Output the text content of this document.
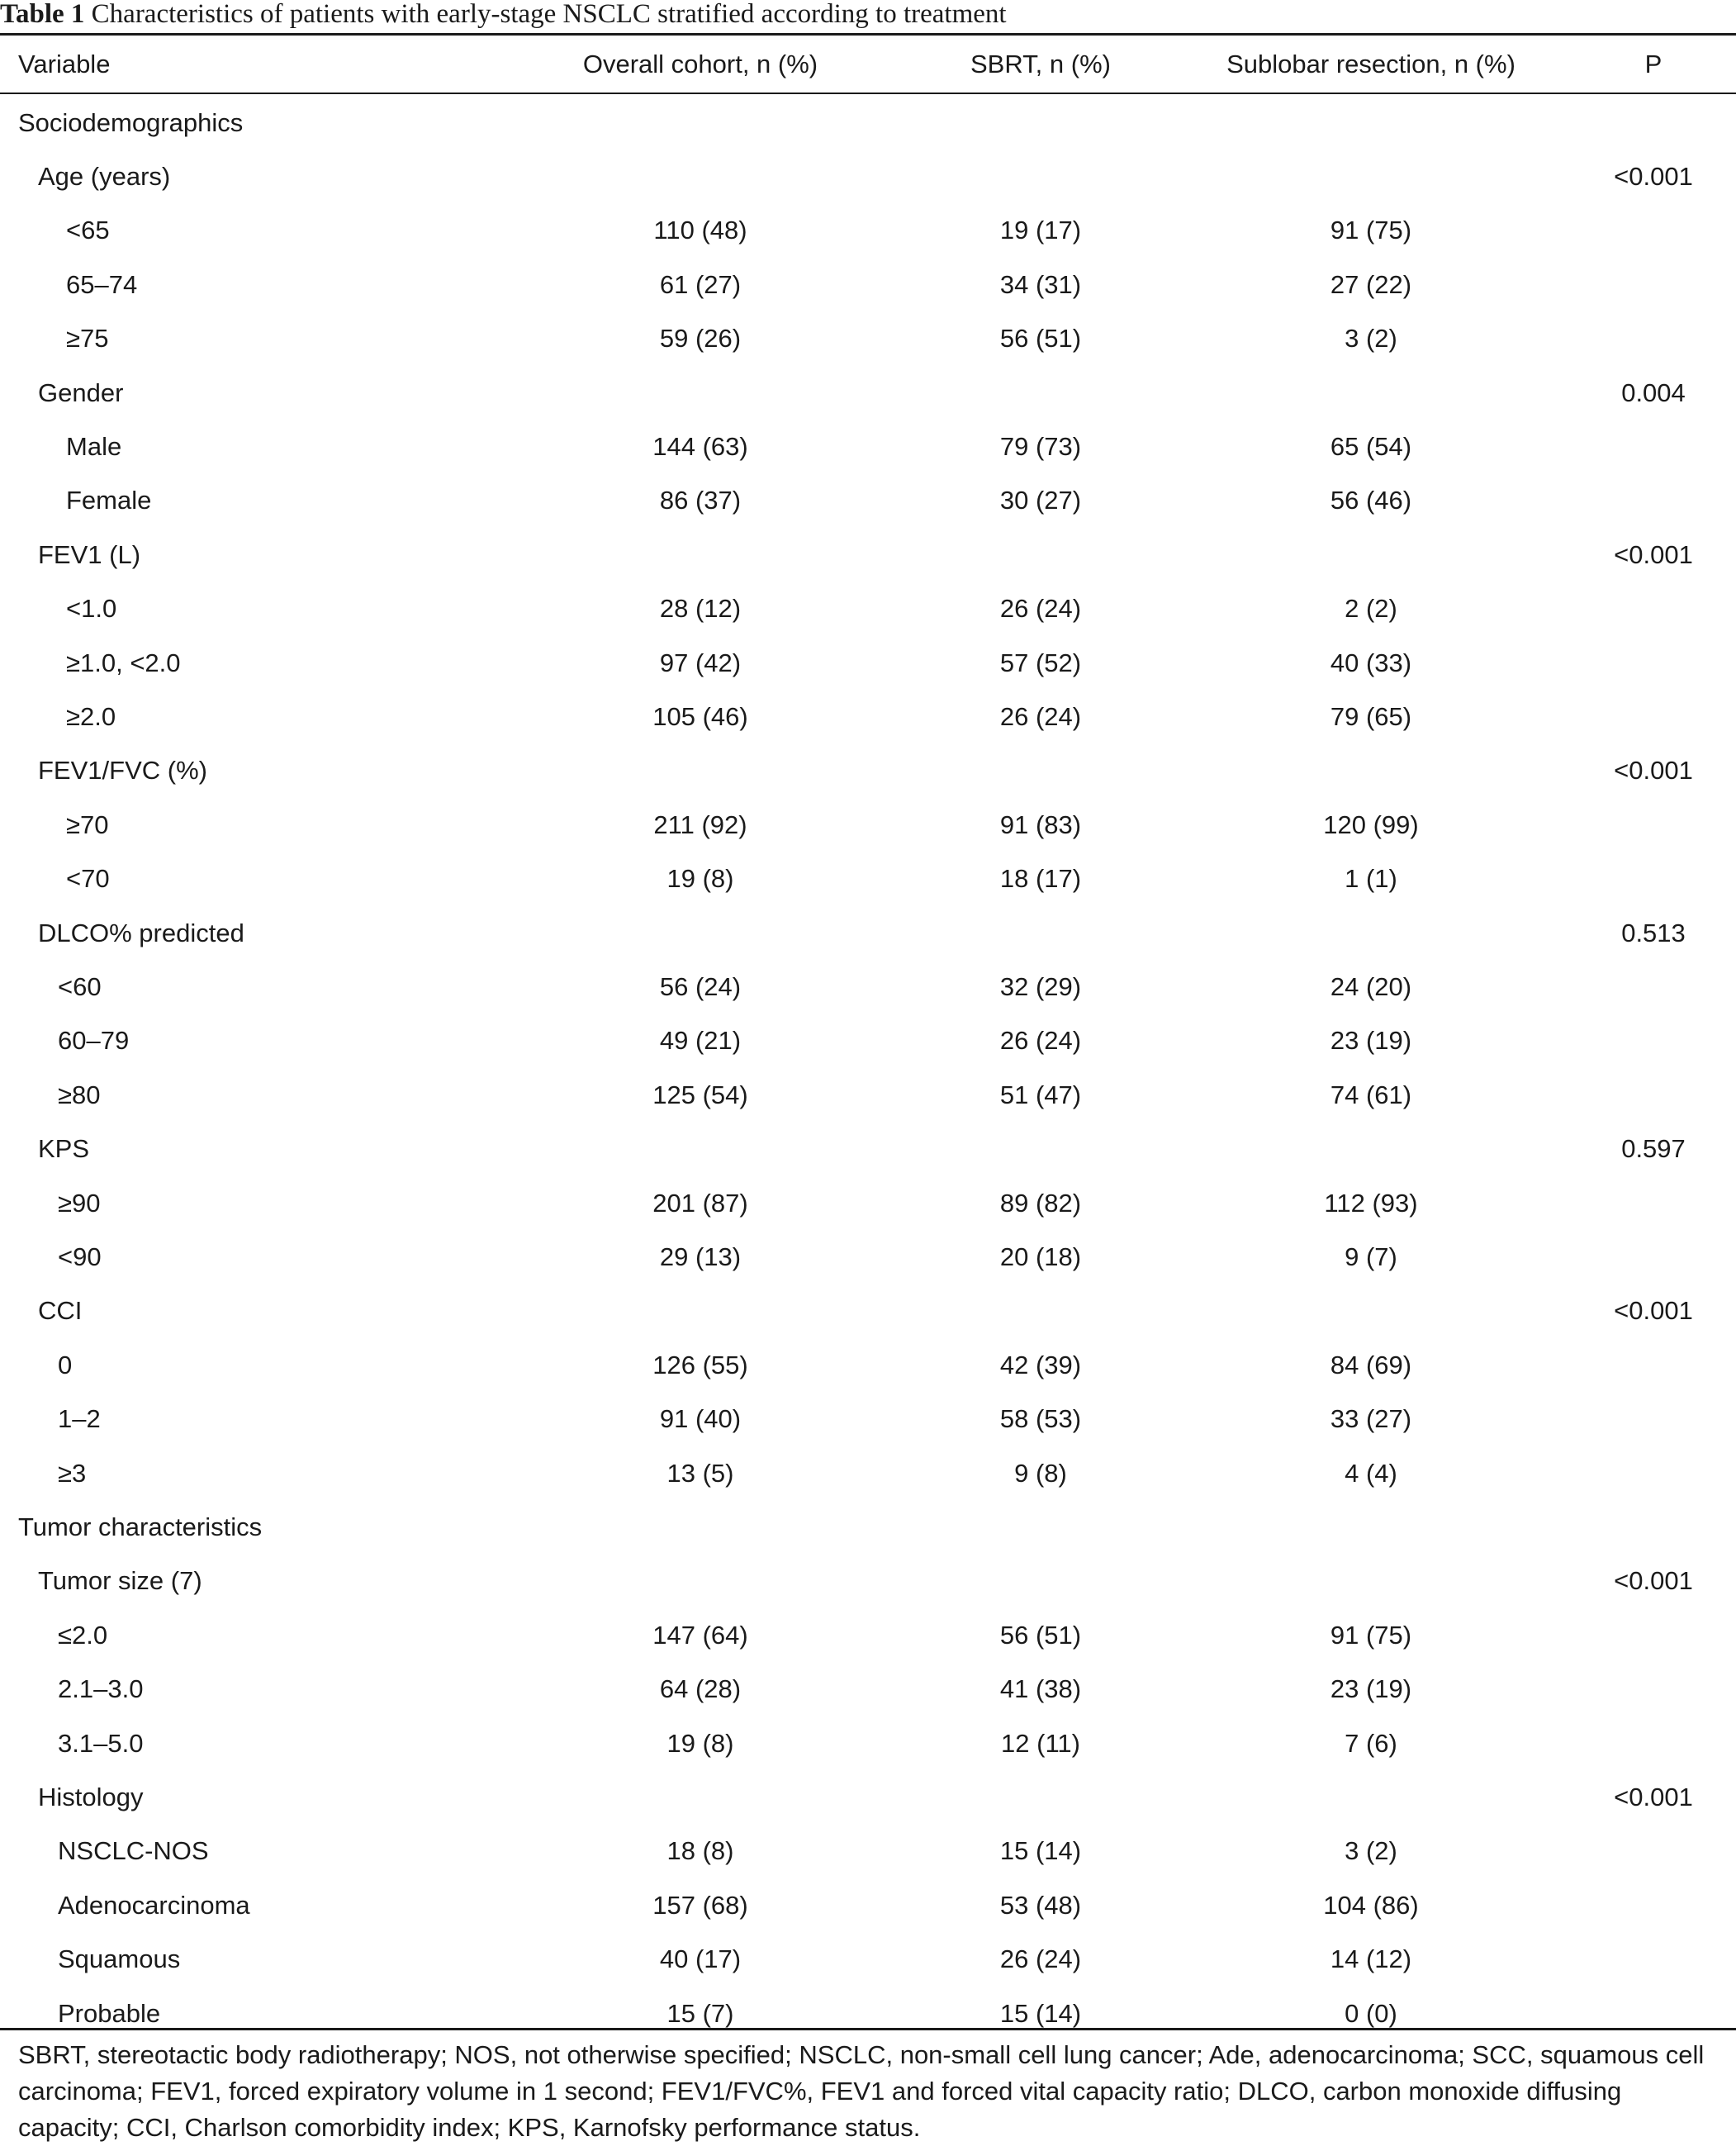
Table 1 Characteristics of patients with early-stage NSCLC stratified according to treatment
Variable	Overall cohort, n (%)	SBRT, n (%)	Sublobar resection, n (%)	P
Sociodemographics
Age (years)	<0.001
<65	110 (48)	19 (17)	91 (75)
65–74	61 (27)	34 (31)	27 (22)
≥75	59 (26)	56 (51)	3 (2)
Gender	0.004
Male	144 (63)	79 (73)	65 (54)
Female	86 (37)	30 (27)	56 (46)
FEV1 (L)	<0.001
<1.0	28 (12)	26 (24)	2 (2)
≥1.0, <2.0	97 (42)	57 (52)	40 (33)
≥2.0	105 (46)	26 (24)	79 (65)
FEV1/FVC (%)	<0.001
≥70	211 (92)	91 (83)	120 (99)
<70	19 (8)	18 (17)	1 (1)
DLCO% predicted	0.513
<60	56 (24)	32 (29)	24 (20)
60–79	49 (21)	26 (24)	23 (19)
≥80	125 (54)	51 (47)	74 (61)
KPS	0.597
≥90	201 (87)	89 (82)	112 (93)
<90	29 (13)	20 (18)	9 (7)
CCI	<0.001
0	126 (55)	42 (39)	84 (69)
1–2	91 (40)	58 (53)	33 (27)
≥3	13 (5)	9 (8)	4 (4)
Tumor characteristics
Tumor size (7)	<0.001
≤2.0	147 (64)	56 (51)	91 (75)
2.1–3.0	64 (28)	41 (38)	23 (19)
3.1–5.0	19 (8)	12 (11)	7 (6)
Histology	<0.001
NSCLC-NOS	18 (8)	15 (14)	3 (2)
Adenocarcinoma	157 (68)	53 (48)	104 (86)
Squamous	40 (17)	26 (24)	14 (12)
Probable	15 (7)	15 (14)	0 (0)
SBRT, stereotactic body radiotherapy; NOS, not otherwise specified; NSCLC, non-small cell lung cancer; Ade, adenocarcinoma; SCC, squamous cell carcinoma; FEV1, forced expiratory volume in 1 second; FEV1/FVC%, FEV1 and forced vital capacity ratio; DLCO, carbon monoxide diffusing capacity; CCI, Charlson comorbidity index; KPS, Karnofsky performance status.
